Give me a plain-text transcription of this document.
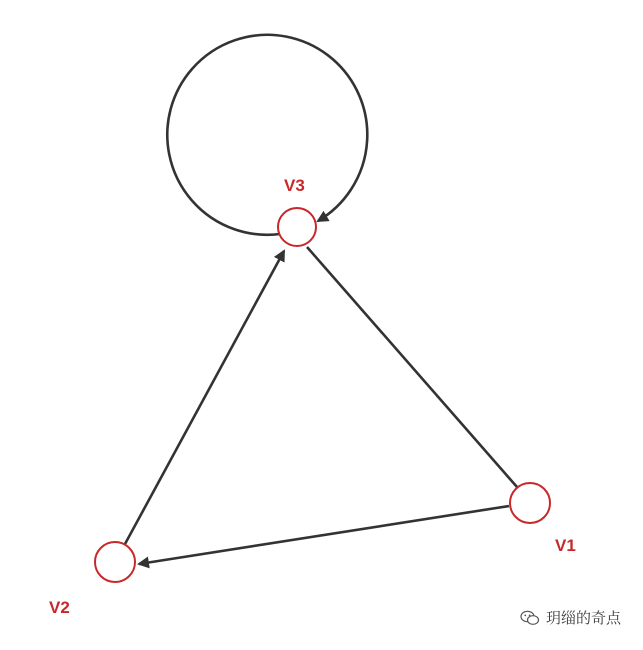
V3
V1
V2
玥缁的奇点
